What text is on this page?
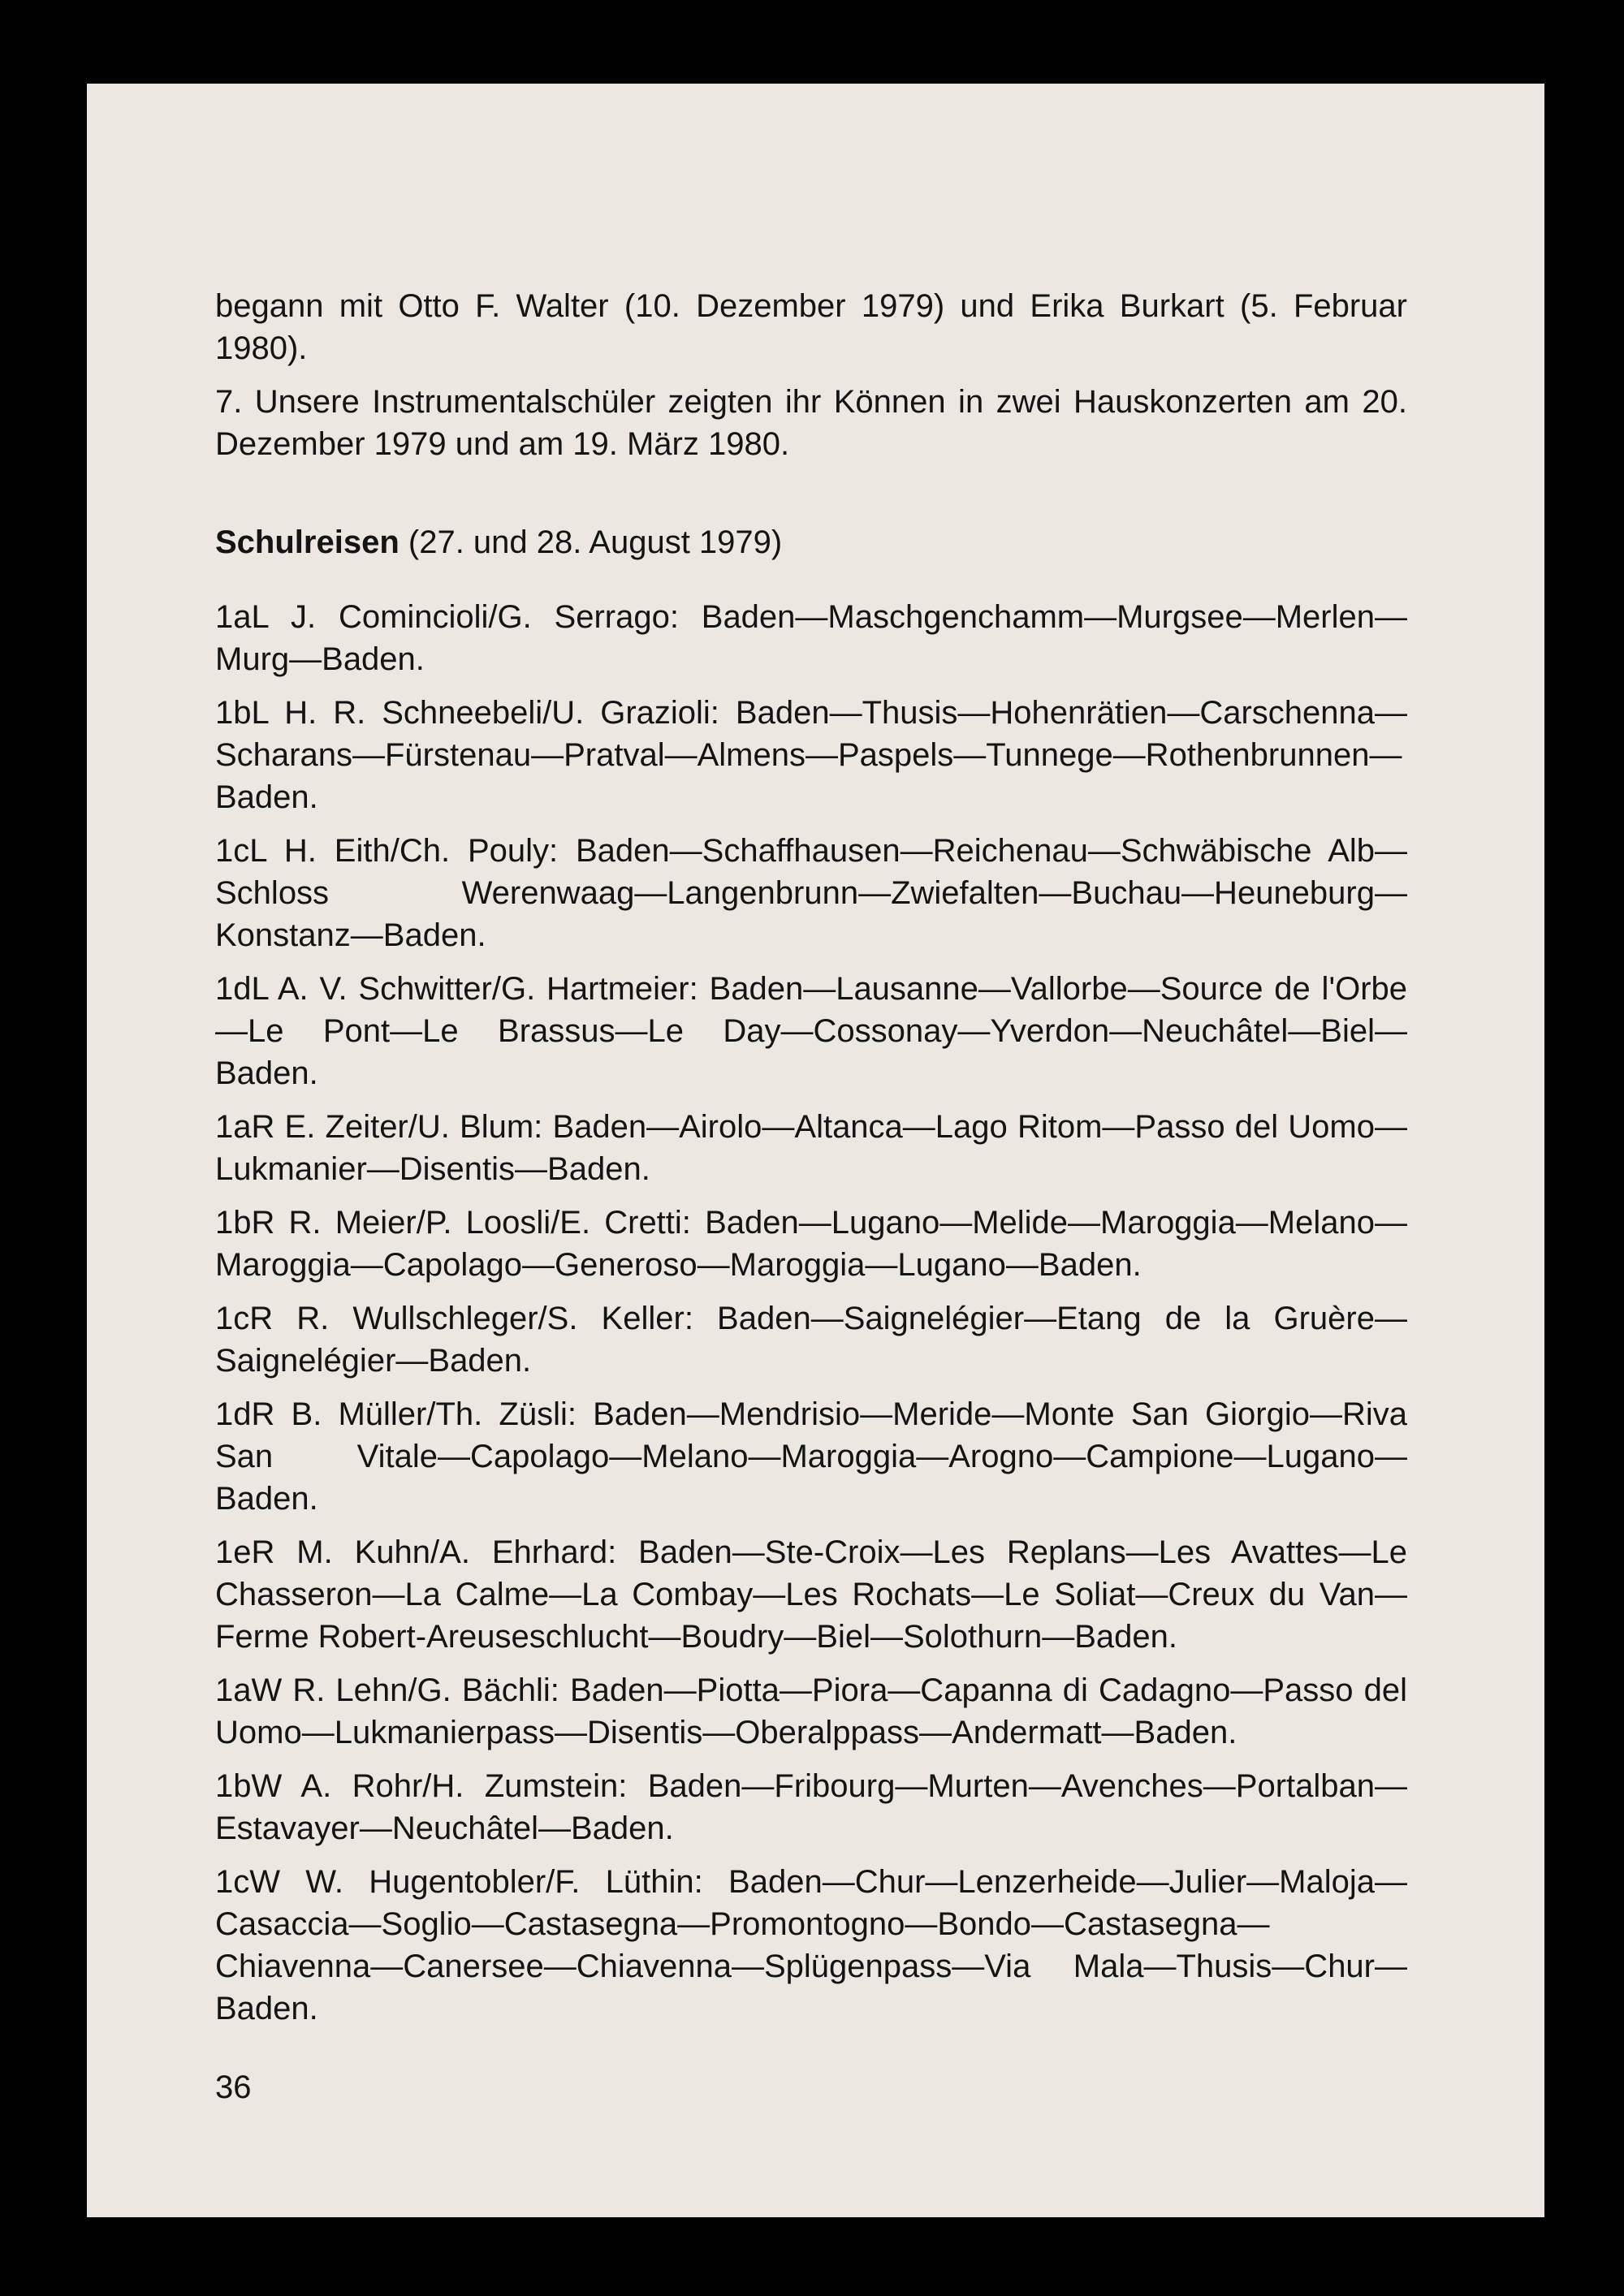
begann mit Otto F. Walter (10. Dezember 1979) und Erika Burkart (5. Februar 1980).

7. Unsere Instrumentalschüler zeigten ihr Können in zwei Hauskonzerten am 20. Dezember 1979 und am 19. März 1980.

Schulreisen (27. und 28. August 1979)

1aL J. Comincioli/G. Serrago: Baden—Maschgenchamm—Murgsee—Merlen—Murg—Baden.

1bL H. R. Schneebeli/U. Grazioli: Baden—Thusis—Hohenrätien—Carschenna—Scharans—Fürstenau—Pratval—Almens—Paspels—Tunnege—Rothenbrunnen—Baden.

1cL H. Eith/Ch. Pouly: Baden—Schaffhausen—Reichenau—Schwäbische Alb—Schloss Werenwaag—Langenbrunn—Zwiefalten—Buchau—Heuneburg—Konstanz—Baden.

1dL A. V. Schwitter/G. Hartmeier: Baden—Lausanne—Vallorbe—Source de l'Orbe—Le Pont—Le Brassus—Le Day—Cossonay—Yverdon—Neuchâtel—Biel—Baden.

1aR E. Zeiter/U. Blum: Baden—Airolo—Altanca—Lago Ritom—Passo del Uomo—Lukmanier—Disentis—Baden.

1bR R. Meier/P. Loosli/E. Cretti: Baden—Lugano—Melide—Maroggia—Melano—Maroggia—Capolago—Generoso—Maroggia—Lugano—Baden.

1cR R. Wullschleger/S. Keller: Baden—Saignelégier—Etang de la Gruère—Saignelégier—Baden.

1dR B. Müller/Th. Züsli: Baden—Mendrisio—Meride—Monte San Giorgio—Riva San Vitale—Capolago—Melano—Maroggia—Arogno—Campione—Lugano—Baden.

1eR M. Kuhn/A. Ehrhard: Baden—Ste-Croix—Les Replans—Les Avattes—Le Chasseron—La Calme—La Combay—Les Rochats—Le Soliat—Creux du Van—Ferme Robert-Areuseschlucht—Boudry—Biel—Solothurn—Baden.

1aW R. Lehn/G. Bächli: Baden—Piotta—Piora—Capanna di Cadagno—Passo del Uomo—Lukmanierpass—Disentis—Oberalppass—Andermatt—Baden.

1bW A. Rohr/H. Zumstein: Baden—Fribourg—Murten—Avenches—Portalban—Estavayer—Neuchâtel—Baden.

1cW W. Hugentobler/F. Lüthin: Baden—Chur—Lenzerheide—Julier—Maloja—Casaccia—Soglio—Castasegna—Promontogno—Bondo—Castasegna—Chiavenna—Canersee—Chiavenna—Splügenpass—Via Mala—Thusis—Chur—Baden.

36
